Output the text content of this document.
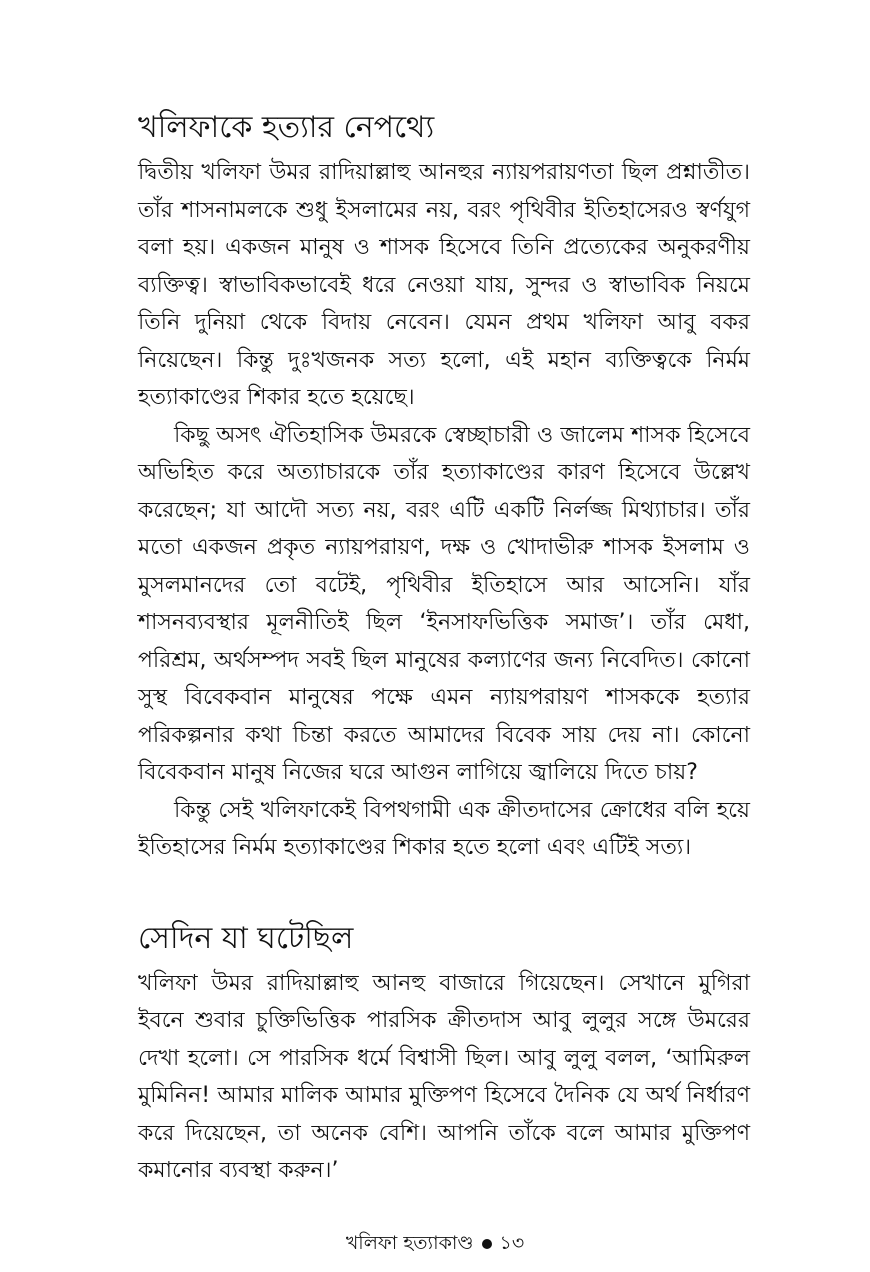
খলিফাকে হত্যার নেপথ্যে

দ্বিতীয় খলিফা উমর রাদিয়াল্লাহু আনহুর ন্যায়পরায়ণতা ছিল প্রশ্নাতীত। তাঁর শাসনামলকে শুধু ইসলামের নয়, বরং পৃথিবীর ইতিহাসেরও স্বর্ণযুগ বলা হয়। একজন মানুষ ও শাসক হিসেবে তিনি প্রত্যেকের অনুকরণীয় ব্যক্তিত্ব। স্বাভাবিকভাবেই ধরে নেওয়া যায়, সুন্দর ও স্বাভাবিক নিয়মে তিনি দুনিয়া থেকে বিদায় নেবেন। যেমন প্রথম খলিফা আবু বকর নিয়েছেন। কিন্তু দুঃখজনক সত্য হলো, এই মহান ব্যক্তিত্বকে নির্মম হত্যাকাণ্ডের শিকার হতে হয়েছে।

কিছু অসৎ ঐতিহাসিক উমরকে স্বেচ্ছাচারী ও জালেম শাসক হিসেবে অভিহিত করে অত্যাচারকে তাঁর হত্যাকাণ্ডের কারণ হিসেবে উল্লেখ করেছেন; যা আদৌ সত্য নয়, বরং এটি একটি নির্লজ্জ মিথ্যাচার। তাঁর মতো একজন প্রকৃত ন্যায়পরায়ণ, দক্ষ ও খোদাভীরু শাসক ইসলাম ও মুসলমানদের তো বটেই, পৃথিবীর ইতিহাসে আর আসেনি। যাঁর শাসনব্যবস্থার মূলনীতিই ছিল ‘ইনসাফভিত্তিক সমাজ’। তাঁর মেধা, পরিশ্রম, অর্থসম্পদ সবই ছিল মানুষের কল্যাণের জন্য নিবেদিত। কোনো সুস্থ বিবেকবান মানুষের পক্ষে এমন ন্যায়পরায়ণ শাসককে হত্যার পরিকল্পনার কথা চিন্তা করতে আমাদের বিবেক সায় দেয় না। কোনো বিবেকবান মানুষ নিজের ঘরে আগুন লাগিয়ে জ্বালিয়ে দিতে চায়?

কিন্তু সেই খলিফাকেই বিপথগামী এক ক্রীতদাসের ক্রোধের বলি হয়ে ইতিহাসের নির্মম হত্যাকাণ্ডের শিকার হতে হলো এবং এটিই সত্য।

সেদিন যা ঘটেছিল

খলিফা উমর রাদিয়াল্লাহু আনহু বাজারে গিয়েছেন। সেখানে মুগিরা ইবনে শুবার চুক্তিভিত্তিক পারসিক ক্রীতদাস আবু লুলুর সঙ্গে উমরের দেখা হলো। সে পারসিক ধর্মে বিশ্বাসী ছিল। আবু লুলু বলল, ‘আমিরুল মুমিনিন! আমার মালিক আমার মুক্তিপণ হিসেবে দৈনিক যে অর্থ নির্ধারণ করে দিয়েছেন, তা অনেক বেশি। আপনি তাঁকে বলে আমার মুক্তিপণ কমানোর ব্যবস্থা করুন।’

খলিফা হত্যাকাণ্ড ১৩
